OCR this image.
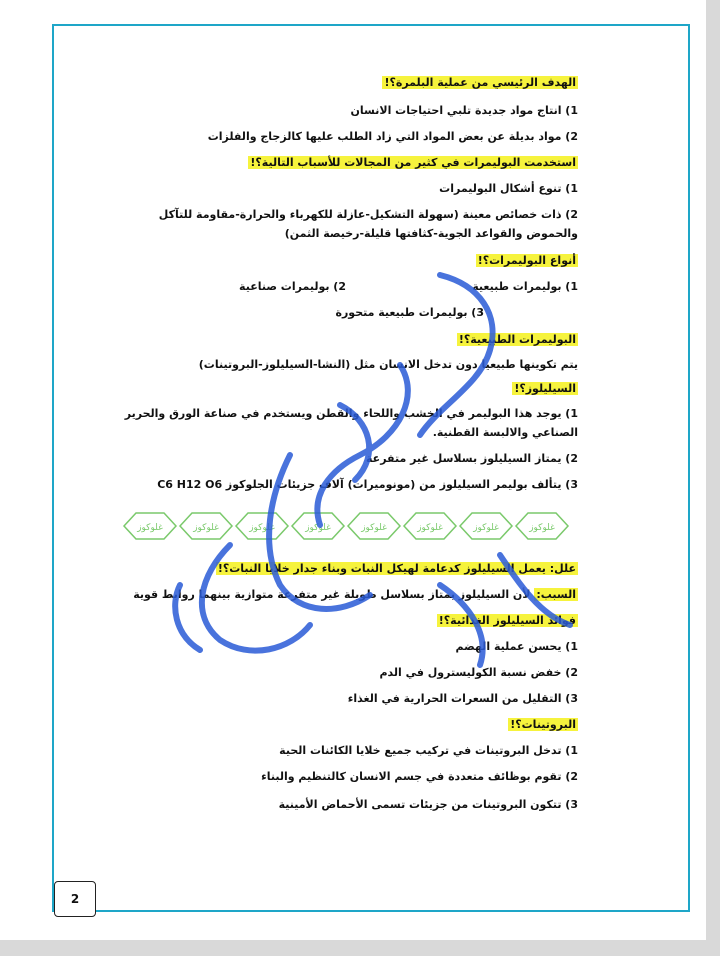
الهدف الرئيسي من عملية البلمرة؟!
1) انتاج مواد جديدة تلبي احتياجات الانسان
2) مواد بديلة عن بعض المواد التي زاد الطلب عليها كالزجاج والفلزات
استخدمت البوليمرات في كثير من المجالات للأسباب التالية؟!
1) تنوع أشكال البوليمرات
2) ذات خصائص معينة (سهولة التشكيل-عازلة للكهرباء والحرارة-مقاومة للتآكل والحموض والقواعد الجوية-كثافتها قليلة-رخيصة الثمن)
أنواع البوليمرات؟!
1) بوليمرات طبيعية
2) بوليمرات صناعية
3) بوليمرات طبيعية متحورة
البوليمرات الطبيعية؟!
يتم تكوينها طبيعيا دون تدخل الانسان مثل (النشا-السيليلوز-البروتينات)
السيليلوز؟!
1) يوجد هذا البوليمر في الخشب واللحاء والقطن ويستخدم في صناعة الورق والحرير الصناعي والالبسة القطنية.
2) يمتاز السيليلوز بسلاسل غير متفرعة
3) يتألف بوليمر السيليلوز من (مونوميرات) آلاف جزيئات الجلوكوز C6 H12 O6
غلوكوز	غلوكوز	غلوكوز	غلوكوز	غلوكوز	غلوكوز	غلوكوز	غلوكوز
علل: يعمل السيليلوز كدعامة لهيكل النبات وبناء جدار خلايا النبات؟!
السبب: لأن السيليلوز يمتاز بسلاسل طويلة غير متفرعة متوازية بينهما روابط قوية
فوائد السيليلوز الغذائية؟!
1) يحسن عملية الهضم
2) خفض نسبة الكوليسترول في الدم
3) التقليل من السعرات الحرارية في الغذاء
البروتينات؟!
1) تدخل البروتينات في تركيب جميع خلايا الكائنات الحية
2) تقوم بوظائف متعددة في جسم الانسان كالتنظيم والبناء
3) تتكون البروتينات من جزيئات تسمى الأحماض الأمينية
2
